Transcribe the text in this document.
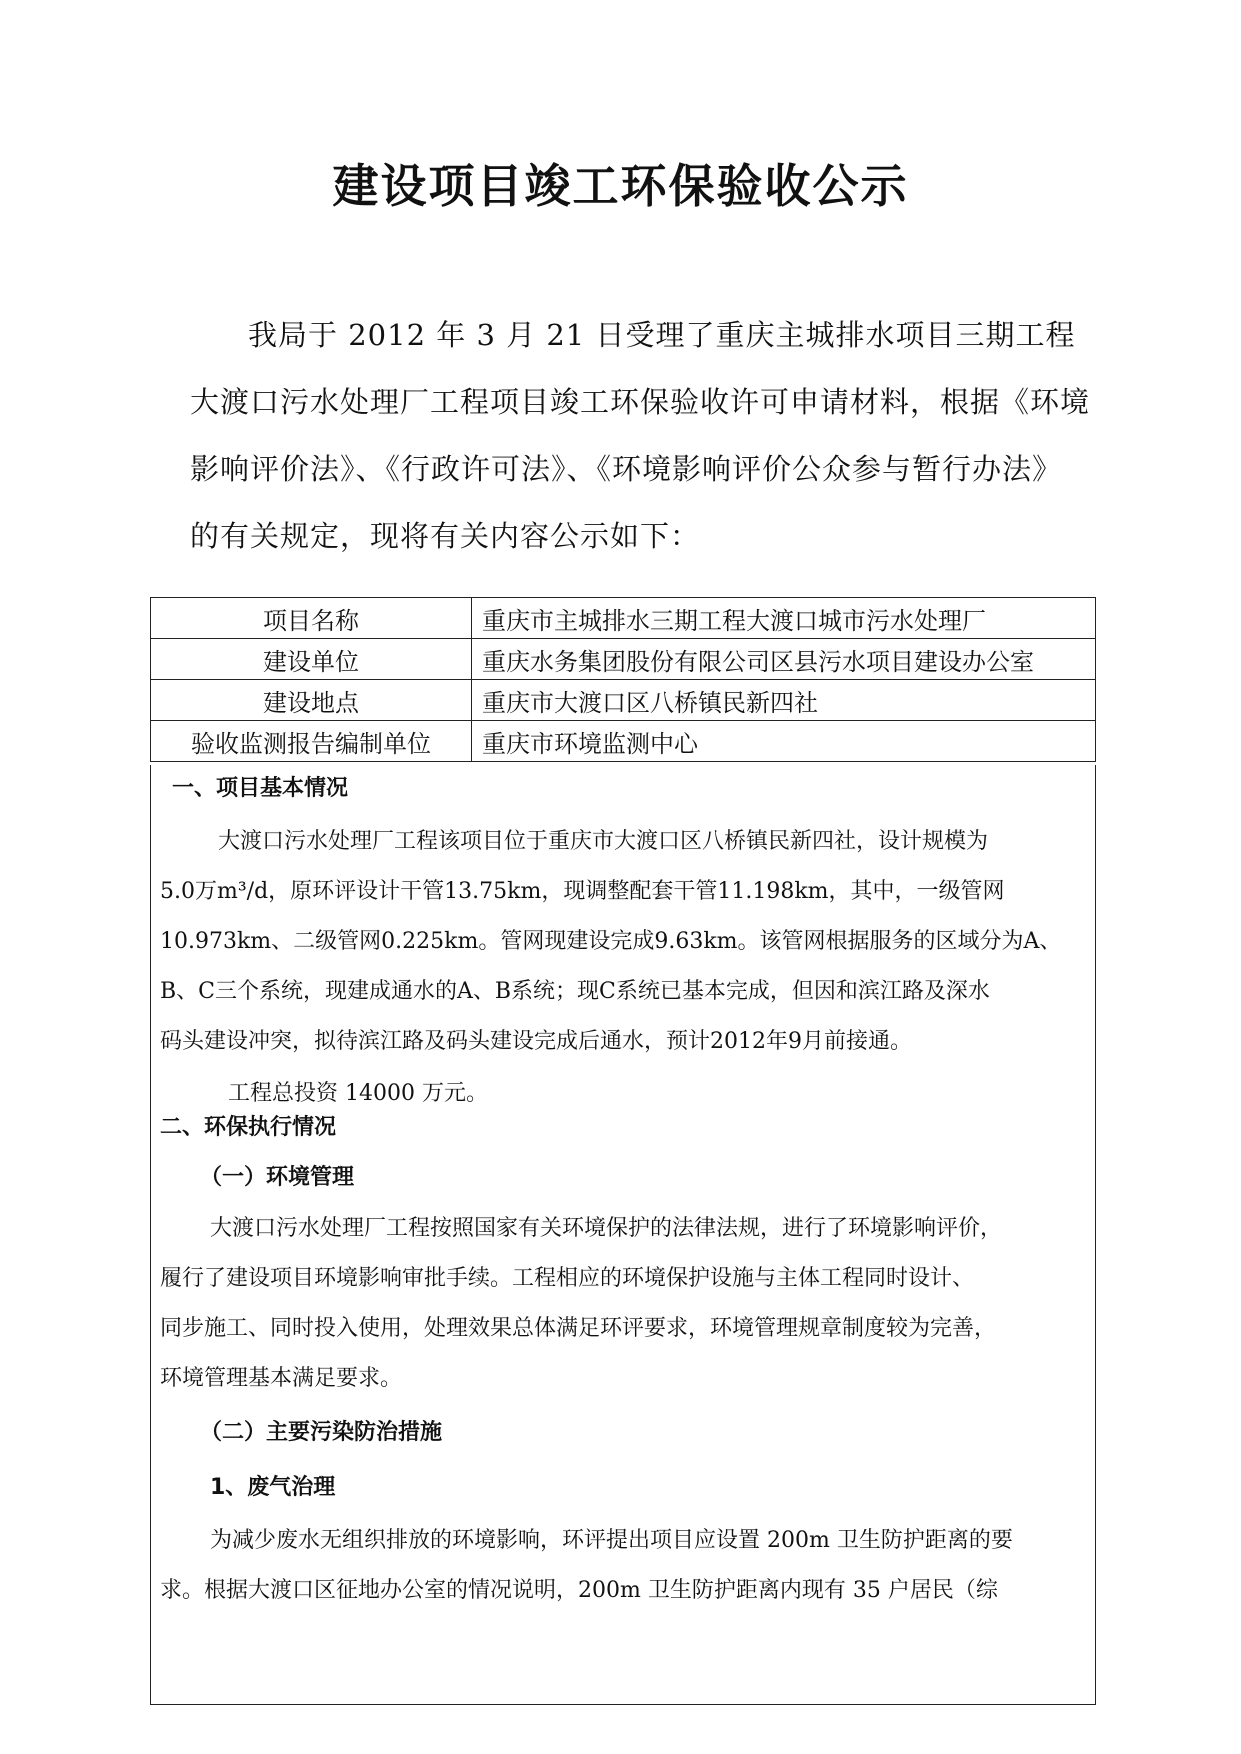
建设项目竣工环保验收公示

我局于 2012 年 3 月 21 日受理了重庆主城排水项目三期工程

大渡口污水处理厂工程项目竣工环保验收许可申请材料，根据《环境

影响评价法》、《行政许可法》、《环境影响评价公众参与暂行办法》

的有关规定，现将有关内容公示如下：

项目名称	重庆市主城排水三期工程大渡口城市污水处理厂
建设单位	重庆水务集团股份有限公司区县污水项目建设办公室
建设地点	重庆市大渡口区八桥镇民新四社
验收监测报告编制单位	重庆市环境监测中心

一、项目基本情况

大渡口污水处理厂工程该项目位于重庆市大渡口区八桥镇民新四社，设计规模为

5.0万m³/d，原环评设计干管13.75km，现调整配套干管11.198km，其中，一级管网

10.973km、二级管网0.225km。管网现建设完成9.63km。该管网根据服务的区域分为A、

B、C三个系统，现建成通水的A、B系统；现C系统已基本完成，但因和滨江路及深水

码头建设冲突，拟待滨江路及码头建设完成后通水，预计2012年9月前接通。

工程总投资 14000 万元。

二、环保执行情况

（一）环境管理

大渡口污水处理厂工程按照国家有关环境保护的法律法规，进行了环境影响评价，

履行了建设项目环境影响审批手续。工程相应的环境保护设施与主体工程同时设计、

同步施工、同时投入使用，处理效果总体满足环评要求，环境管理规章制度较为完善，

环境管理基本满足要求。

（二）主要污染防治措施

1、废气治理

为减少废水无组织排放的环境影响，环评提出项目应设置 200m 卫生防护距离的要

求。根据大渡口区征地办公室的情况说明，200m 卫生防护距离内现有 35 户居民（综
